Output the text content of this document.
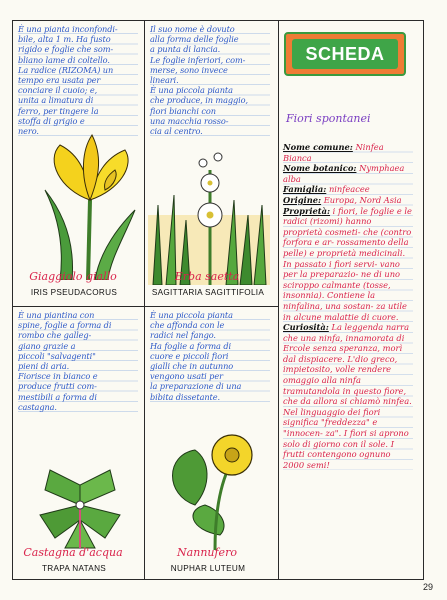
È una pianta inconfondi-
bile, alta 1 m. Ha fusto
rigido e foglie che som-
bliano lame di coltello.
La radice (RIZOMA) un
tempo era usata per
conciare il cuoio; e,
unita a limatura di
ferro, per tingere la
stoffa di grigio e
nero.
Il suo nome è dovuto
alla forma delle foglie
a punta di lancia.
Le foglie inferiori, com-
merse, sono invece
lineari.
È una piccola pianta
che produce, in maggio,
fiori bianchi con
una macchia rosso-
cia al centro.
È una piantina con
spine, foglie a forma di
rombo che galleg-
giano grazie a
piccoli "salvagenti"
pieni di aria.
Fiorisce in bianco e
produce frutti com-
mestibili a forma di
castagna.
È una piccola pianta
che affonda con le
radici nel fango.
Ha foglie a forma di
cuore e piccoli fiori
gialli che in autunno
vengono usati per
la preparazione di una
bibita dissetante.
Giaggiolo giallo
IRIS PSEUDACORUS
Erba saetta
SAGITTARIA SAGITTIFOLIA
Castagna d'acqua
TRAPA NATANS
Nannufero
NUPHAR LUTEUM
SCHEDA
Fiori spontanei

Nome comune: Ninfea Bianca

Nome botanico: Nymphaea alba

Famiglia: ninfeacee

Origine: Europa, Nord Asia

Proprietà: i fiori, le foglie e le radici (rizomi) hanno proprietà cosmeti- che (contro forfora e ar- rossamento della pelle) e proprietà medicinali. In passato i fiori servi- vano per la preparazio- ne di uno sciroppo calmante (tosse, insonnia). Contiene la ninfalina, una sostan- za utile in alcune malattie di cuore.

Curiosità: La leggenda narra che una ninfa, innamorata di Ercole senza speranza, morì dal dispiacere. L'dio greco, impietosito, volle rendere omaggio alla ninfa tramutandola in questo fiore, che da allora si chiamò ninfea. Nel linguaggio dei fiori significa "freddezza" e "innocen- za". I fiori si aprono solo di giorno con il sole. I frutti contengono ognuno 2000 semi!

29
